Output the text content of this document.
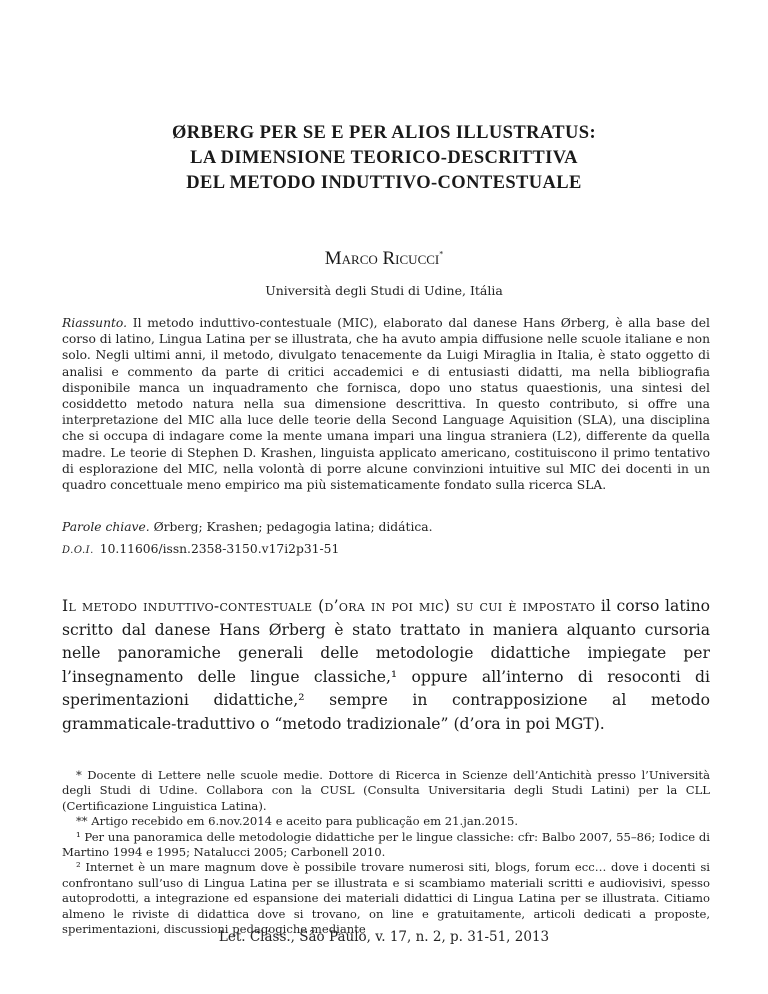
ØRBERG PER SE E PER ALIOS ILLUSTRATUS:
LA DIMENSIONE TEORICO-DESCRITTIVA
DEL METODO INDUTTIVO-CONTESTUALE
Marco Ricucci*
Università degli Studi di Udine, Itália

Riassunto. Il metodo induttivo-contestuale (MIC), elaborato dal danese Hans Ørberg, è alla base del corso di latino, Lingua Latina per se illustrata, che ha avuto ampia diffusione nelle scuole italiane e non solo. Negli ultimi anni, il metodo, divulgato tenacemente da Luigi Miraglia in Italia, è stato oggetto di analisi e commento da parte di critici accademici e di entusiasti didatti, ma nella bibliografia disponibile manca un inquadramento che fornisca, dopo uno status quaestionis, una sintesi del cosiddetto metodo natura nella sua dimensione descrittiva. In questo contributo, si offre una interpretazione del MIC alla luce delle teorie della Second Language Aquisition (SLA), una disciplina che si occupa di indagare come la mente umana impari una lingua straniera (L2), differente da quella madre. Le teorie di Stephen D. Krashen, linguista applicato americano, costituiscono il primo tentativo di esplorazione del MIC, nella volontà di porre alcune convinzioni intuitive sul MIC dei docenti in un quadro concettuale meno empirico ma più sistematicamente fondato sulla ricerca SLA.

Parole chiave. Ørberg; Krashen; pedagogia latina; didática.
D.O.I. 10.11606/issn.2358-3150.v17i2p31-51
Il metodo induttivo-contestuale (d’ora in poi mic) su cui è impostato il corso latino scritto dal danese Hans Ørberg è stato trattato in maniera alquanto cursoria nelle panoramiche generali delle metodologie didattiche impiegate per l’insegnamento delle lingue classiche,¹ oppure all’interno di resoconti di sperimentazioni didattiche,² sempre in contrapposizione al metodo grammaticale-traduttivo o “metodo tradizionale” (d’ora in poi MGT).

* Docente di Lettere nelle scuole medie. Dottore di Ricerca in Scienze dell’Antichità presso l’Università degli Studi di Udine. Collabora con la CUSL (Consulta Universitaria degli Studi Latini) per la CLL (Certificazione Linguistica Latina).

** Artigo recebido em 6.nov.2014 e aceito para publicação em 21.jan.2015.

¹ Per una panoramica delle metodologie didattiche per le lingue classiche: cfr: Balbo 2007, 55–86; Iodice di Martino 1994 e 1995; Natalucci 2005; Carbonell 2010.

² Internet è un mare magnum dove è possibile trovare numerosi siti, blogs, forum ecc… dove i docenti si confrontano sull’uso di Lingua Latina per se illustrata e si scambiamo materiali scritti e audiovisivi, spesso autoprodotti, a integrazione ed espansione dei materiali didattici di Lingua Latina per se illustrata. Citiamo almeno le riviste di didattica dove si trovano, on line e gratuitamente, articoli dedicati a proposte, sperimentazioni, discussioni pedagogiche mediante

Let. Cláss., São Paulo, v. 17, n. 2, p. 31-51, 2013
